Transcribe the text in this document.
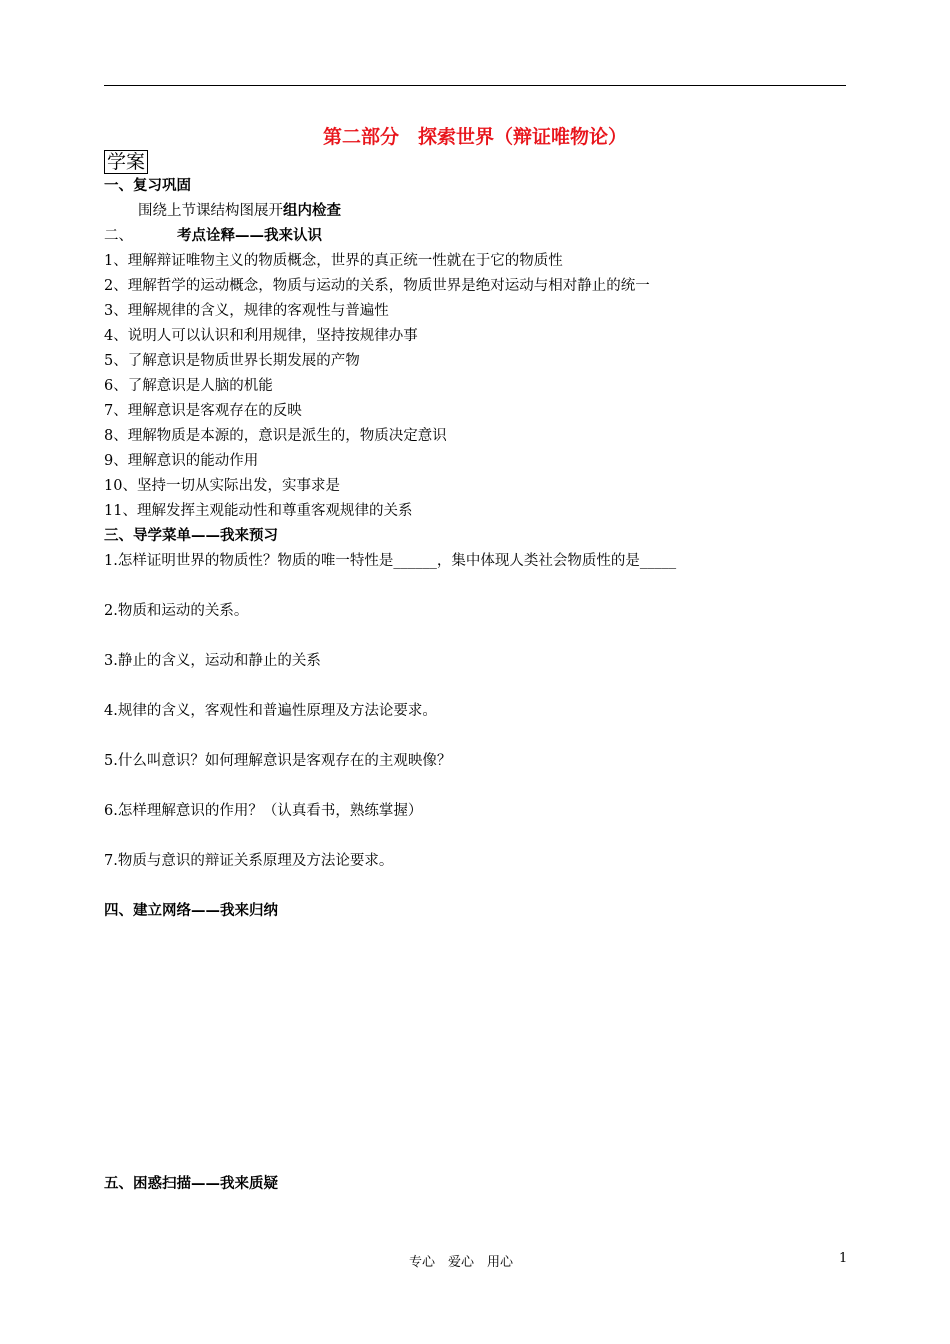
第二部分　探索世界（辩证唯物论）
学案
一、复习巩固
围绕上节课结构图展开组内检查
二、	考点诠释——我来认识
1、理解辩证唯物主义的物质概念，世界的真正统一性就在于它的物质性
2、理解哲学的运动概念，物质与运动的关系，物质世界是绝对运动与相对静止的统一
3、理解规律的含义，规律的客观性与普遍性
4、说明人可以认识和利用规律，坚持按规律办事
5、了解意识是物质世界长期发展的产物
6、了解意识是人脑的机能
7、理解意识是客观存在的反映
8、理解物质是本源的，意识是派生的，物质决定意识
9、理解意识的能动作用
10、坚持一切从实际出发，实事求是
11、理解发挥主观能动性和尊重客观规律的关系
三、导学菜单——我来预习
1.怎样证明世界的物质性？物质的唯一特性是______，集中体现人类社会物质性的是_____
2.物质和运动的关系。
3.静止的含义，运动和静止的关系
4.规律的含义，客观性和普遍性原理及方法论要求。
5.什么叫意识？如何理解意识是客观存在的主观映像？
6.怎样理解意识的作用？（认真看书，熟练掌握）
7.物质与意识的辩证关系原理及方法论要求。
四、建立网络——我来归纳
五、困惑扫描——我来质疑
专心　爱心　用心	1
